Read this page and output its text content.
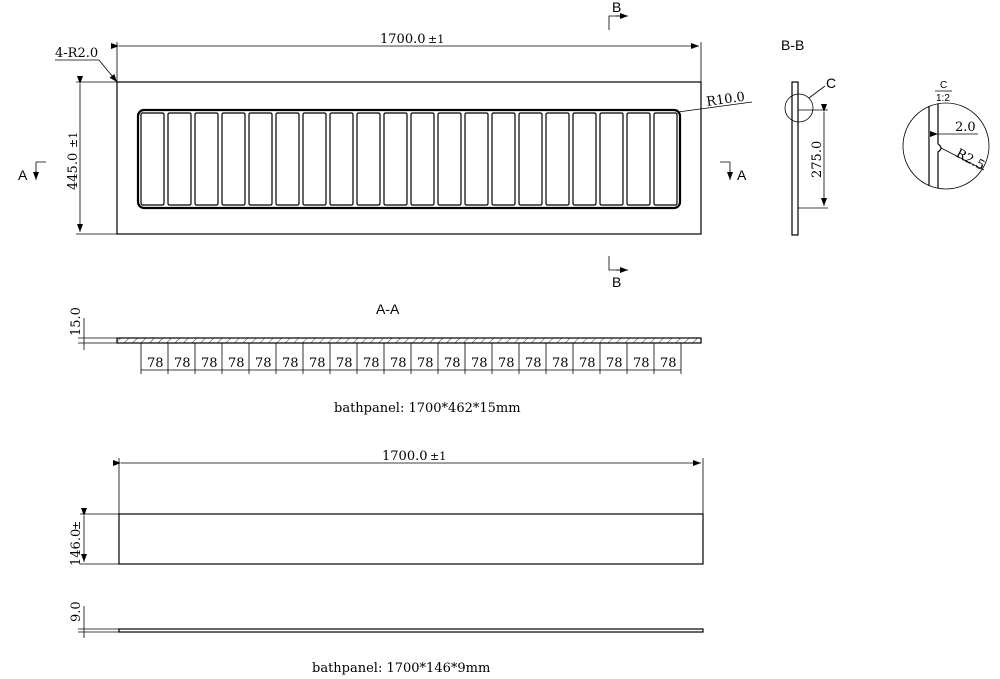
1700.0 ±1
445.0
±1
4-R2.0
R10.0
A	A
B
B
B-B
C
275.0
C
1:2
2.0
R2.5
A-A
15.0
78 78 78 78 78 78 78 78 78 78 78 78 78 78 78 78 78 78 78 78
bathpanel: 1700*462*15mm
1700.0 ±1
146.0
±
9.0
bathpanel: 1700*146*9mm
